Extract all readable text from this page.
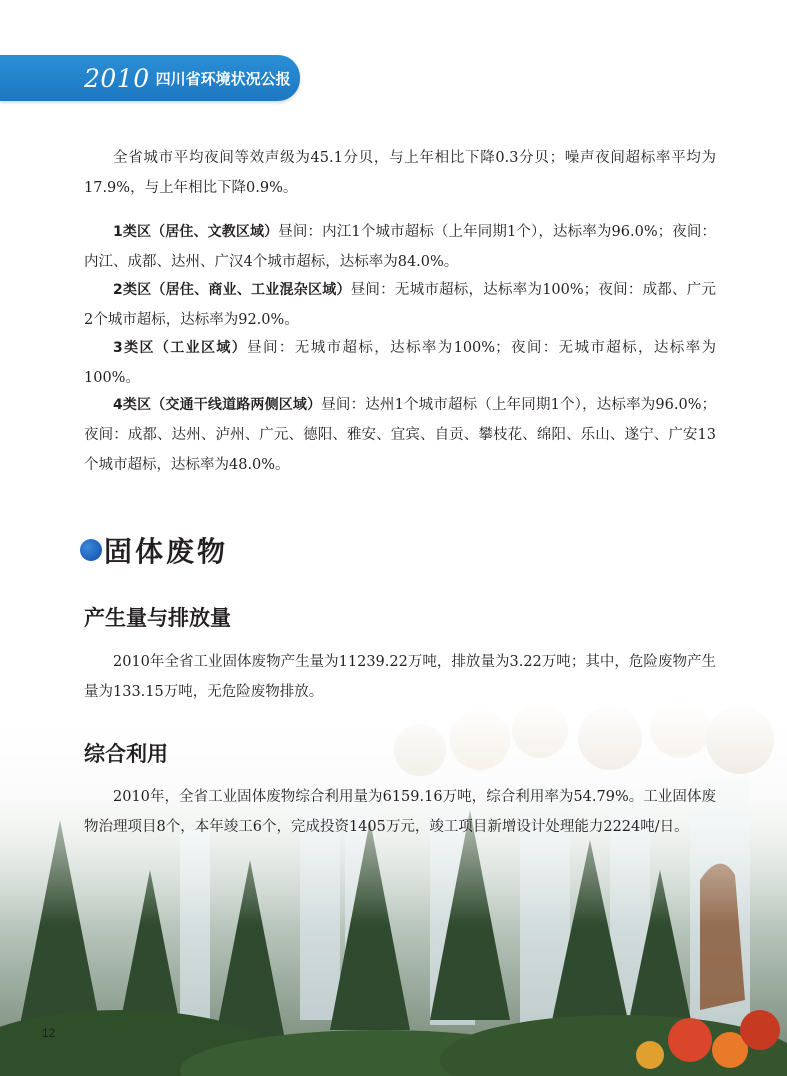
2010 四川省环境状况公报

全省城市平均夜间等效声级为45.1分贝，与上年相比下降0.3分贝；噪声夜间超标率平均为17.9%，与上年相比下降0.9%。

1类区（居住、文教区域）昼间：内江1个城市超标（上年同期1个），达标率为96.0%；夜间：内江、成都、达州、广汉4个城市超标，达标率为84.0%。

2类区（居住、商业、工业混杂区域）昼间：无城市超标，达标率为100%；夜间：成都、广元2个城市超标，达标率为92.0%。

3类区（工业区域）昼间：无城市超标，达标率为100%；夜间：无城市超标，达标率为100%。

4类区（交通干线道路两侧区域）昼间：达州1个城市超标（上年同期1个），达标率为96.0%；夜间：成都、达州、泸州、广元、德阳、雅安、宜宾、自贡、攀枝花、绵阳、乐山、遂宁、广安13个城市超标，达标率为48.0%。

固体废物
产生量与排放量

2010年全省工业固体废物产生量为11239.22万吨，排放量为3.22万吨；其中，危险废物产生量为133.15万吨，无危险废物排放。

综合利用

2010年，全省工业固体废物综合利用量为6159.16万吨，综合利用率为54.79%。工业固体废物治理项目8个，本年竣工6个，完成投资1405万元，竣工项目新增设计处理能力2224吨/日。

12
